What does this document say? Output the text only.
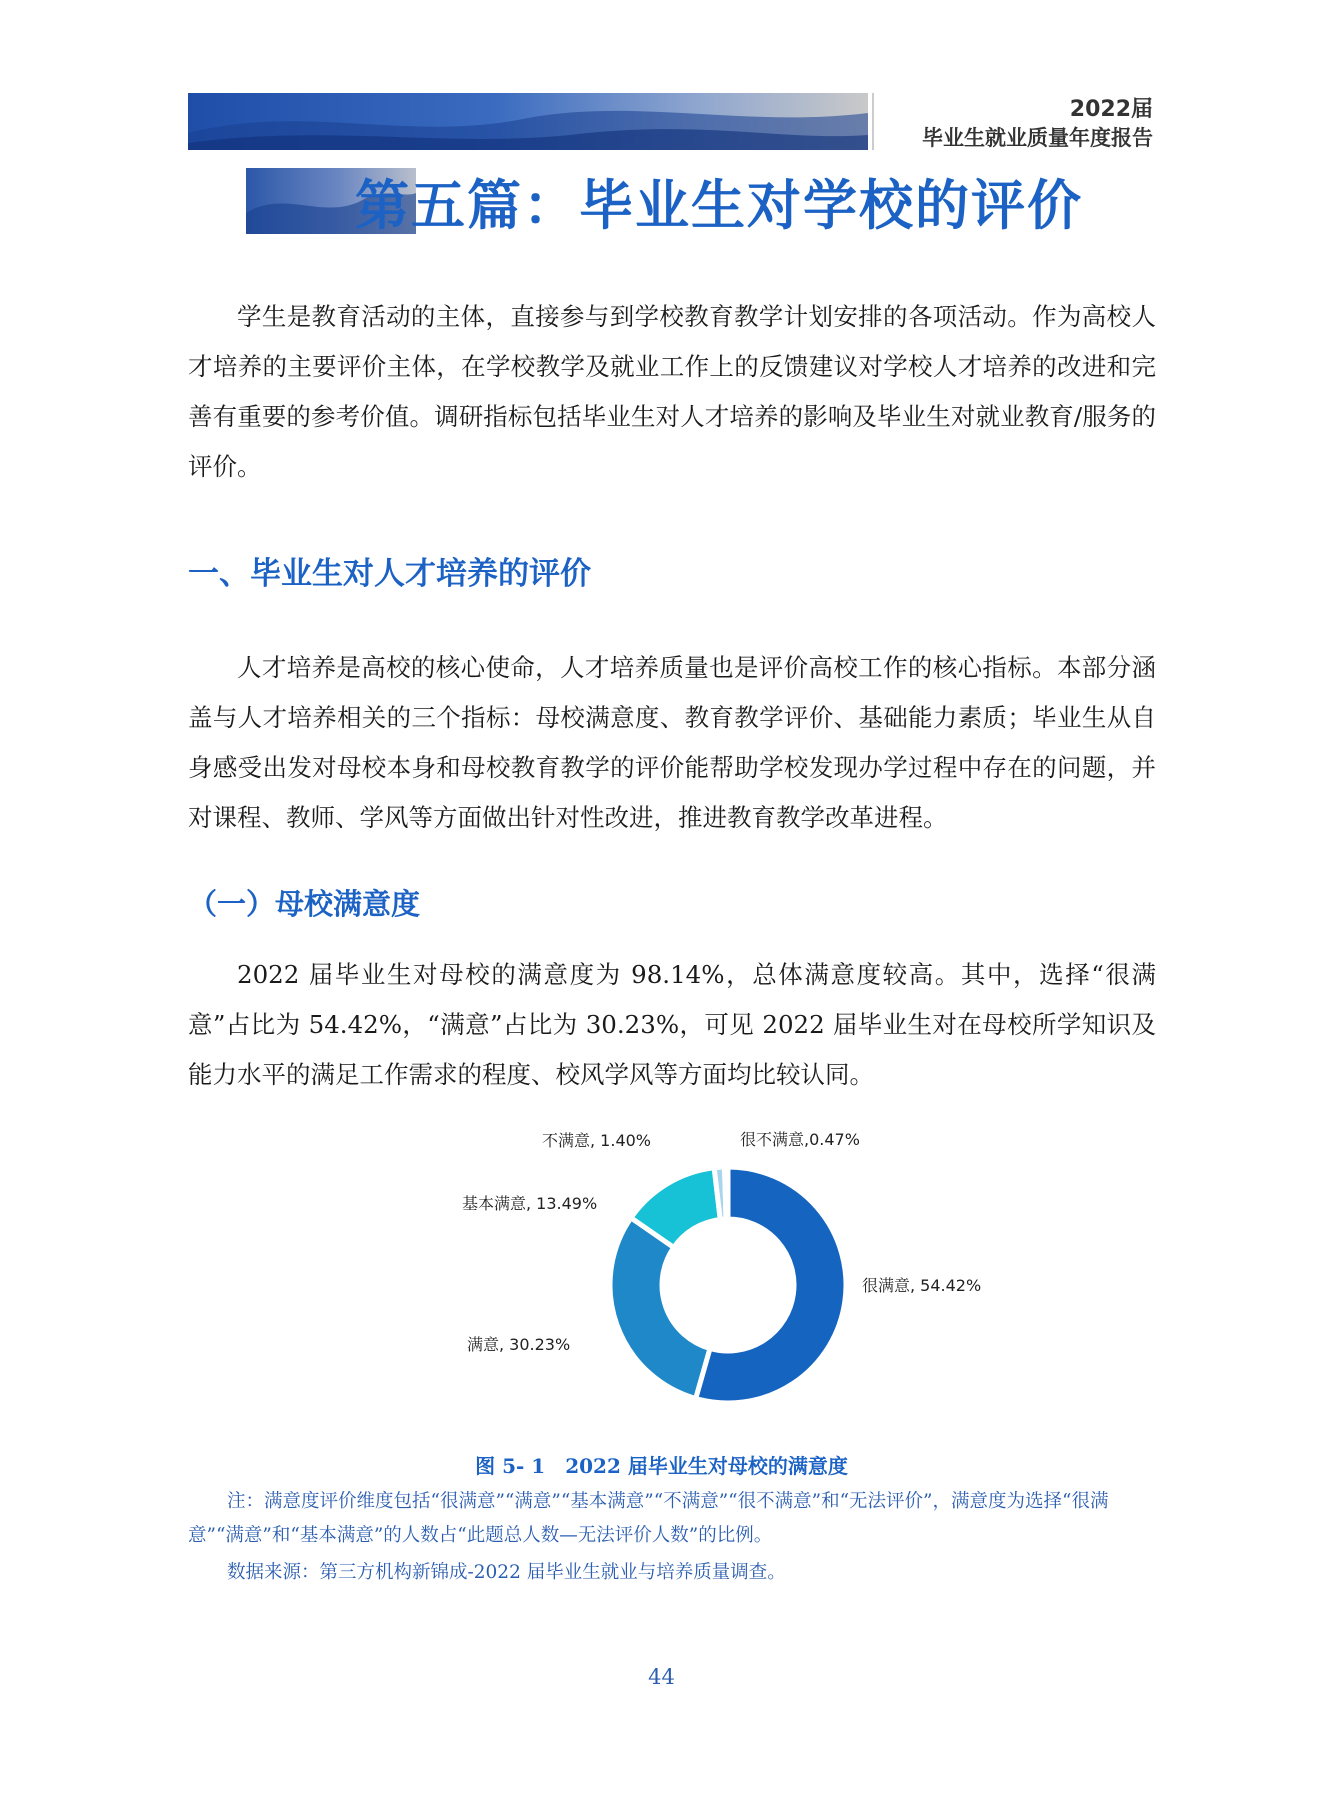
2022届
毕业生就业质量年度报告
第五篇：毕业生对学校的评价

学生是教育活动的主体，直接参与到学校教育教学计划安排的各项活动。作为高校人才培养的主要评价主体，在学校教学及就业工作上的反馈建议对学校人才培养的改进和完善有重要的参考价值。调研指标包括毕业生对人才培养的影响及毕业生对就业教育/服务的评价。

一、毕业生对人才培养的评价

人才培养是高校的核心使命，人才培养质量也是评价高校工作的核心指标。本部分涵盖与人才培养相关的三个指标：母校满意度、教育教学评价、基础能力素质；毕业生从自身感受出发对母校本身和母校教育教学的评价能帮助学校发现办学过程中存在的问题，并对课程、教师、学风等方面做出针对性改进，推进教育教学改革进程。

（一）母校满意度

2022 届毕业生对母校的满意度为 98.14%，总体满意度较高。其中，选择“很满意”占比为 54.42%，“满意”占比为 30.23%，可见 2022 届毕业生对在母校所学知识及能力水平的满足工作需求的程度、校风学风等方面均比较认同。

很不满意,0.47%
不满意, 1.40%
基本满意, 13.49%
很满意, 54.42%
满意, 30.23%
图 5- 1　2022 届毕业生对母校的满意度

注：满意度评价维度包括“很满意”“满意”“基本满意”“不满意”“很不满意”和“无法评价”，满意度为选择“很满意”“满意”和“基本满意”的人数占“此题总人数—无法评价人数”的比例。

数据来源：第三方机构新锦成-2022 届毕业生就业与培养质量调查。

44
